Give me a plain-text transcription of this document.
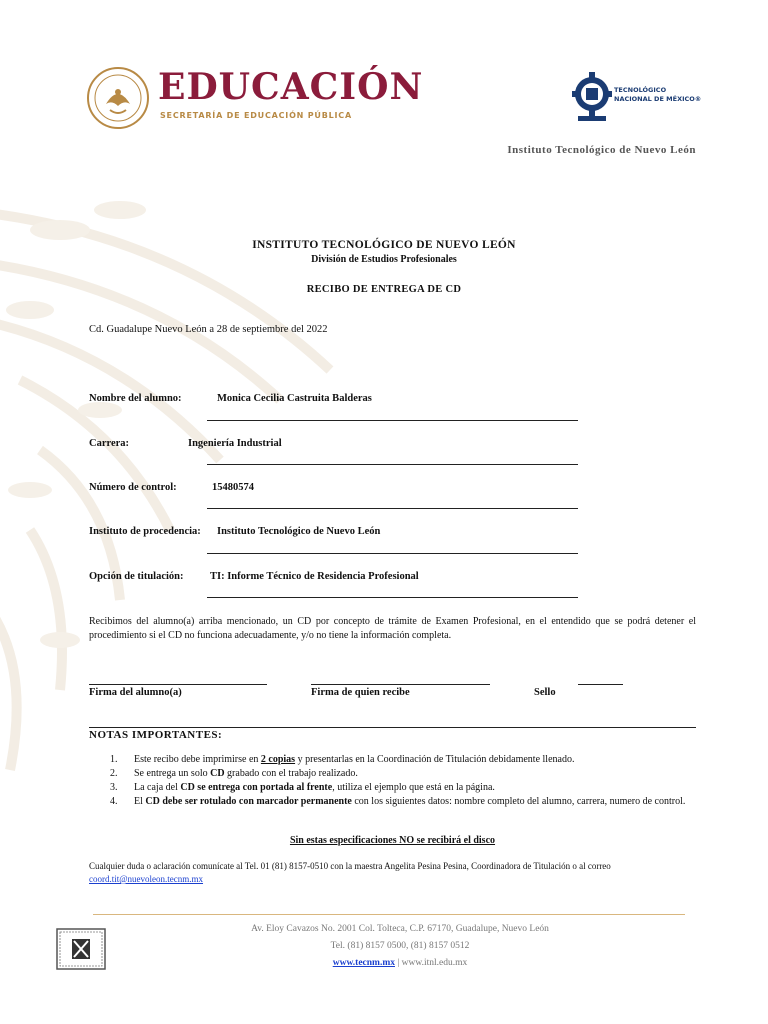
EDUCACIÓN
SECRETARÍA DE EDUCACIÓN PÚBLICA
TECNOLÓGICO
NACIONAL DE MÉXICO®
Instituto Tecnológico de Nuevo León
INSTITUTO TECNOLÓGICO DE NUEVO LEÓN
División de Estudios Profesionales
RECIBO DE ENTREGA DE CD
Cd. Guadalupe Nuevo León a 28 de septiembre del 2022
Nombre del alumno:	Monica Cecilia Castruita Balderas
Carrera:	Ingeniería Industrial
Número de control:	15480574
Instituto de procedencia: Instituto Tecnológico de Nuevo León
Opción de titulación:	TI: Informe Técnico de Residencia Profesional
Recibimos del alumno(a) arriba mencionado, un CD por concepto de trámite de Examen Profesional, en el entendido que se podrá detener el procedimiento si el CD no funciona adecuadamente, y/o no tiene la información completa.
Firma del alumno(a)	Firma de quien recibe	Sello
NOTAS IMPORTANTES:
1. Este recibo debe imprimirse en 2 copias y presentarlas en la Coordinación de Titulación debidamente llenado.
2. Se entrega un solo CD grabado con el trabajo realizado.
3. La caja del CD se entrega con portada al frente, utiliza el ejemplo que está en la página.
4. El CD debe ser rotulado con marcador permanente con los siguientes datos: nombre completo del alumno, carrera, numero de control.
Sin estas especificaciones NO se recibirá el disco
Cualquier duda o aclaración comunícate al Tel. 01 (81) 8157-0510 con la maestra Angelita Pesina Pesina, Coordinadora de Titulación o al correo
coord.tit@nuevoleon.tecnm.mx
Av. Eloy Cavazos No. 2001 Col. Tolteca, C.P. 67170, Guadalupe, Nuevo León
Tel. (81) 8157 0500, (81) 8157 0512
www.tecnm.mx | www.itnl.edu.mx
